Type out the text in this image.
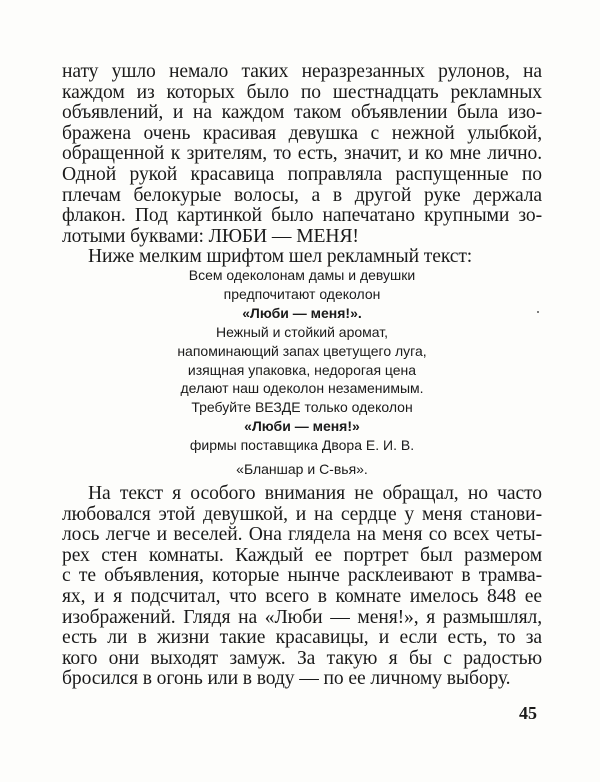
нату ушло немало таких неразрезанных рулонов, на
каждом из которых было по шестнадцать рекламных
объявлений, и на каждом таком объявлении была изо-
бражена очень красивая девушка с нежной улыбкой,
обращенной к зрителям, то есть, значит, и ко мне лично.
Одной рукой красавица поправляла распущенные по
плечам белокурые волосы, а в другой руке держала
флакон. Под картинкой было напечатано крупными зо-
лотыми буквами: ЛЮБИ — МЕНЯ!
Ниже мелким шрифтом шел рекламный текст:
Всем одеколонам дамы и девушки
предпочитают одеколон
«Люби — меня!».
Нежный и стойкий аромат,
напоминающий запах цветущего луга,
изящная упаковка, недорогая цена
делают наш одеколон незаменимым.
Требуйте ВЕЗДЕ только одеколон
«Люби — меня!»
фирмы поставщика Двора Е. И. В.
«Бланшар и С-вья».
На текст я особого внимания не обращал, но часто
любовался этой девушкой, и на сердце у меня станови-
лось легче и веселей. Она глядела на меня со всех четы-
рех стен комнаты. Каждый ее портрет был размером
с те объявления, которые нынче расклеивают в трамва-
ях, и я подсчитал, что всего в комнате имелось 848 ее
изображений. Глядя на «Люби — меня!», я размышлял,
есть ли в жизни такие красавицы, и если есть, то за
кого они выходят замуж. За такую я бы с радостью
бросился в огонь или в воду — по ее личному выбору.
45
